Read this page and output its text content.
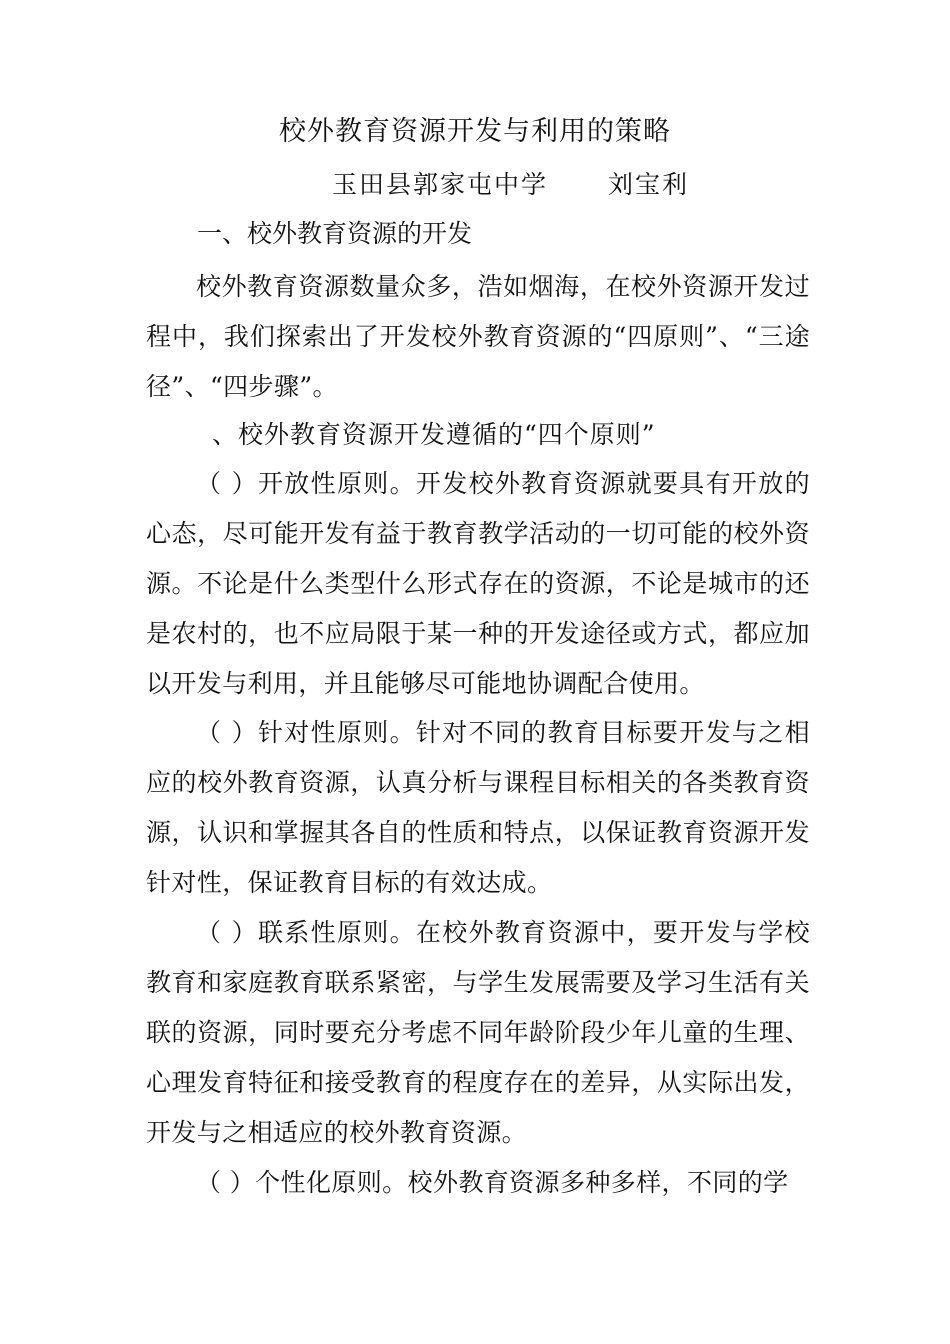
校外教育资源开发与利用的策略
玉田县郭家屯中学 刘宝利
一、校外教育资源的开发

校外教育资源数量众多，浩如烟海，在校外资源开发过程中，我们探索出了开发校外教育资源的“四原则”、“三途径”、“四步骤”。

、校外教育资源开发遵循的“四个原则”

（ ）开放性原则。开发校外教育资源就要具有开放的心态，尽可能开发有益于教育教学活动的一切可能的校外资源。不论是什么类型什么形式存在的资源，不论是城市的还是农村的，也不应局限于某一种的开发途径或方式，都应加以开发与利用，并且能够尽可能地协调配合使用。

（ ）针对性原则。针对不同的教育目标要开发与之相应的校外教育资源，认真分析与课程目标相关的各类教育资源，认识和掌握其各自的性质和特点，以保证教育资源开发针对性，保证教育目标的有效达成。

（ ）联系性原则。在校外教育资源中，要开发与学校教育和家庭教育联系紧密，与学生发展需要及学习生活有关联的资源，同时要充分考虑不同年龄阶段少年儿童的生理、心理发育特征和接受教育的程度存在的差异，从实际出发，开发与之相适应的校外教育资源。

（ ）个性化原则。校外教育资源多种多样，不同的学
